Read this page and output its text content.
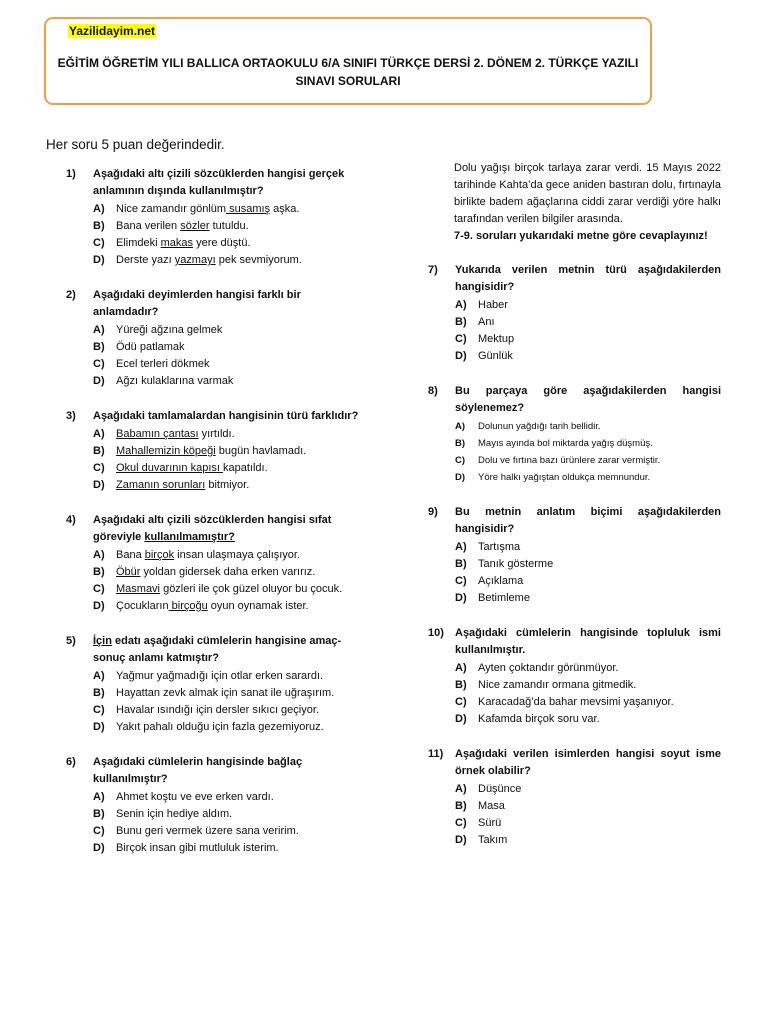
Yazilidayim.net
EĞİTİM ÖĞRETİM YILI BALLICA ORTAOKULU 6/A SINIFI TÜRKÇE DERSİ 2. DÖNEM 2. TÜRKÇE YAZILI SINAVI SORULARI
Her soru 5 puan değerindedir.
1)	Aşağıdaki altı çizili sözcüklerden hangisi gerçek anlamının dışında kullanılmıştır?
A)	Nice zamandır gönlüm susamış aşka.
B)	Bana verilen sözler tutuldu.
C)	Elimdeki makas yere düştü.
D)	Derste yazı yazmayı pek sevmiyorum.
2)	Aşağıdaki deyimlerden hangisi farklı bir anlamdadır?
A)	Yüreği ağzına gelmek
B)	Ödü patlamak
C)	Ecel terleri dökmek
D)	Ağzı kulaklarına varmak
3)	Aşağıdaki tamlamalardan hangisinin türü farklıdır?
A)	Babamın çantası yırtıldı.
B)	Mahallemizin köpeği bugün havlamadı.
C)	Okul duvarının kapısı kapatıldı.
D)	Zamanın sorunları bitmiyor.
4)	Aşağıdaki altı çizili sözcüklerden hangisi sıfat göreviyle kullanılmamıştır?
A)	Bana birçok insan ulaşmaya çalışıyor.
B)	Öbür yoldan gidersek daha erken varırız.
C)	Masmavi gözleri ile çok güzel oluyor bu çocuk.
D)	Çocukların birçoğu oyun oynamak ister.
5)	İçin edatı aşağıdaki cümlelerin hangisine amaç-sonuç anlamı katmıştır?
A)	Yağmur yağmadığı için otlar erken sarardı.
B)	Hayattan zevk almak için sanat ile uğraşırım.
C)	Havalar ısındığı için dersler sıkıcı geçiyor.
D)	Yakıt pahalı olduğu için fazla gezemiyoruz.
6)	Aşağıdaki cümlelerin hangisinde bağlaç kullanılmıştır?
A)	Ahmet koştu ve eve erken vardı.
B)	Senin için hediye aldım.
C)	Bunu geri vermek üzere sana veririm.
D)	Birçok insan gibi mutluluk isterim.
Dolu yağışı birçok tarlaya zarar verdi. 15 Mayıs 2022 tarihinde Kahta’da gece aniden bastıran dolu, fırtınayla birlikte badem ağaçlarına ciddi zarar verdiği yöre halkı tarafından verilen bilgiler arasında.
7-9. soruları yukarıdaki metne göre cevaplayınız!
7)	Yukarıda verilen metnin türü aşağıdakilerden hangisidir?
A)	Haber
B)	Anı
C)	Mektup
D)	Günlük
8)	Bu parçaya göre aşağıdakilerden hangisi söylenemez?
A)	Dolunun yağdığı tarih bellidir.
B)	Mayıs ayında bol miktarda yağış düşmüş.
C)	Dolu ve fırtına bazı ürünlere zarar vermiştir.
D)	Yöre halkı yağıştan oldukça memnundur.
9)	Bu metnin anlatım biçimi aşağıdakilerden hangisidir?
A)	Tartışma
B)	Tanık gösterme
C)	Açıklama
D)	Betimleme
10)	Aşağıdaki cümlelerin hangisinde topluluk ismi kullanılmıştır.
A)	Ayten çoktandır görünmüyor.
B)	Nice zamandır ormana gitmedik.
C)	Karacadağ’da bahar mevsimi yaşanıyor.
D)	Kafamda birçok soru var.
11)	Aşağıdaki verilen isimlerden hangisi soyut isme örnek olabilir?
A)	Düşünce
B)	Masa
C)	Sürü
D)	Takım
